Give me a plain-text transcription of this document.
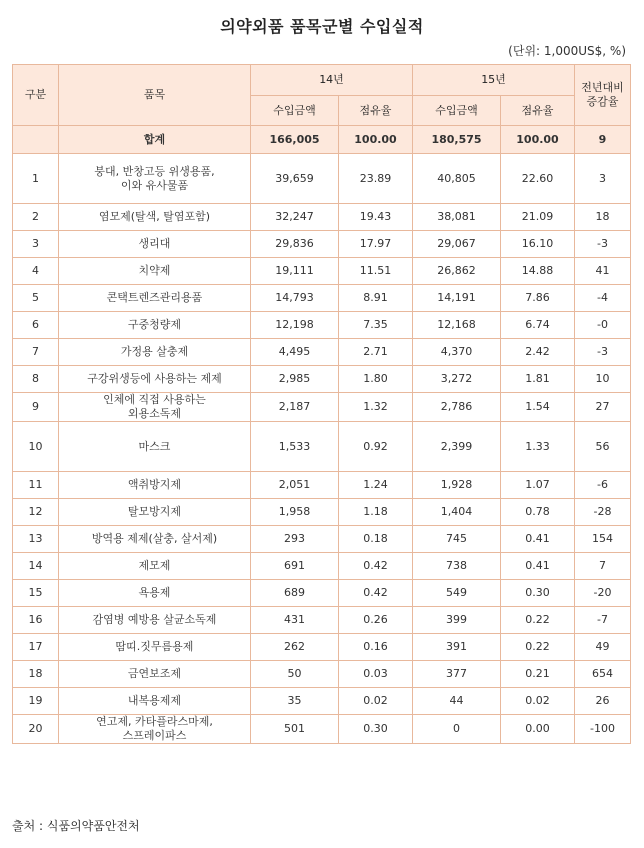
의약외품 품목군별 수입실적
(단위: 1,000US$, %)
구분	품목	14년		15년		전년대비
증감율
		수입금액	점유율	수입금액	점유율	
	합계	166,005	100.00	180,575	100.00	9
1	붕대, 반창고등 위생용품,
이와 유사물품	39,659	23.89	40,805	22.60	3
2	염모제(탈색, 탈염포함)	32,247	19.43	38,081	21.09	18
3	생리대	29,836	17.97	29,067	16.10	-3
4	치약제	19,111	11.51	26,862	14.88	41
5	콘택트렌즈관리용품	14,793	8.91	14,191	7.86	-4
6	구중청량제	12,198	7.35	12,168	6.74	-0
7	가정용 살충제	4,495	2.71	4,370	2.42	-3
8	구강위생등에 사용하는 제제	2,985	1.80	3,272	1.81	10
9	인체에 직접 사용하는
외용소독제	2,187	1.32	2,786	1.54	27
10	마스크	1,533	0.92	2,399	1.33	56
11	액취방지제	2,051	1.24	1,928	1.07	-6
12	탈모방지제	1,958	1.18	1,404	0.78	-28
13	방역용 제제(살충, 살서제)	293	0.18	745	0.41	154
14	제모제	691	0.42	738	0.41	7
15	욕용제	689	0.42	549	0.30	-20
16	감염병 예방용 살균소독제	431	0.26	399	0.22	-7
17	땀띠.짓무름용제	262	0.16	391	0.22	49
18	금연보조제	50	0.03	377	0.21	654
19	내복용제제	35	0.02	44	0.02	26
20	연고제, 카타플라스마제,
스프레이파스	501	0.30	0	0.00	-100
출처 : 식품의약품안전처
